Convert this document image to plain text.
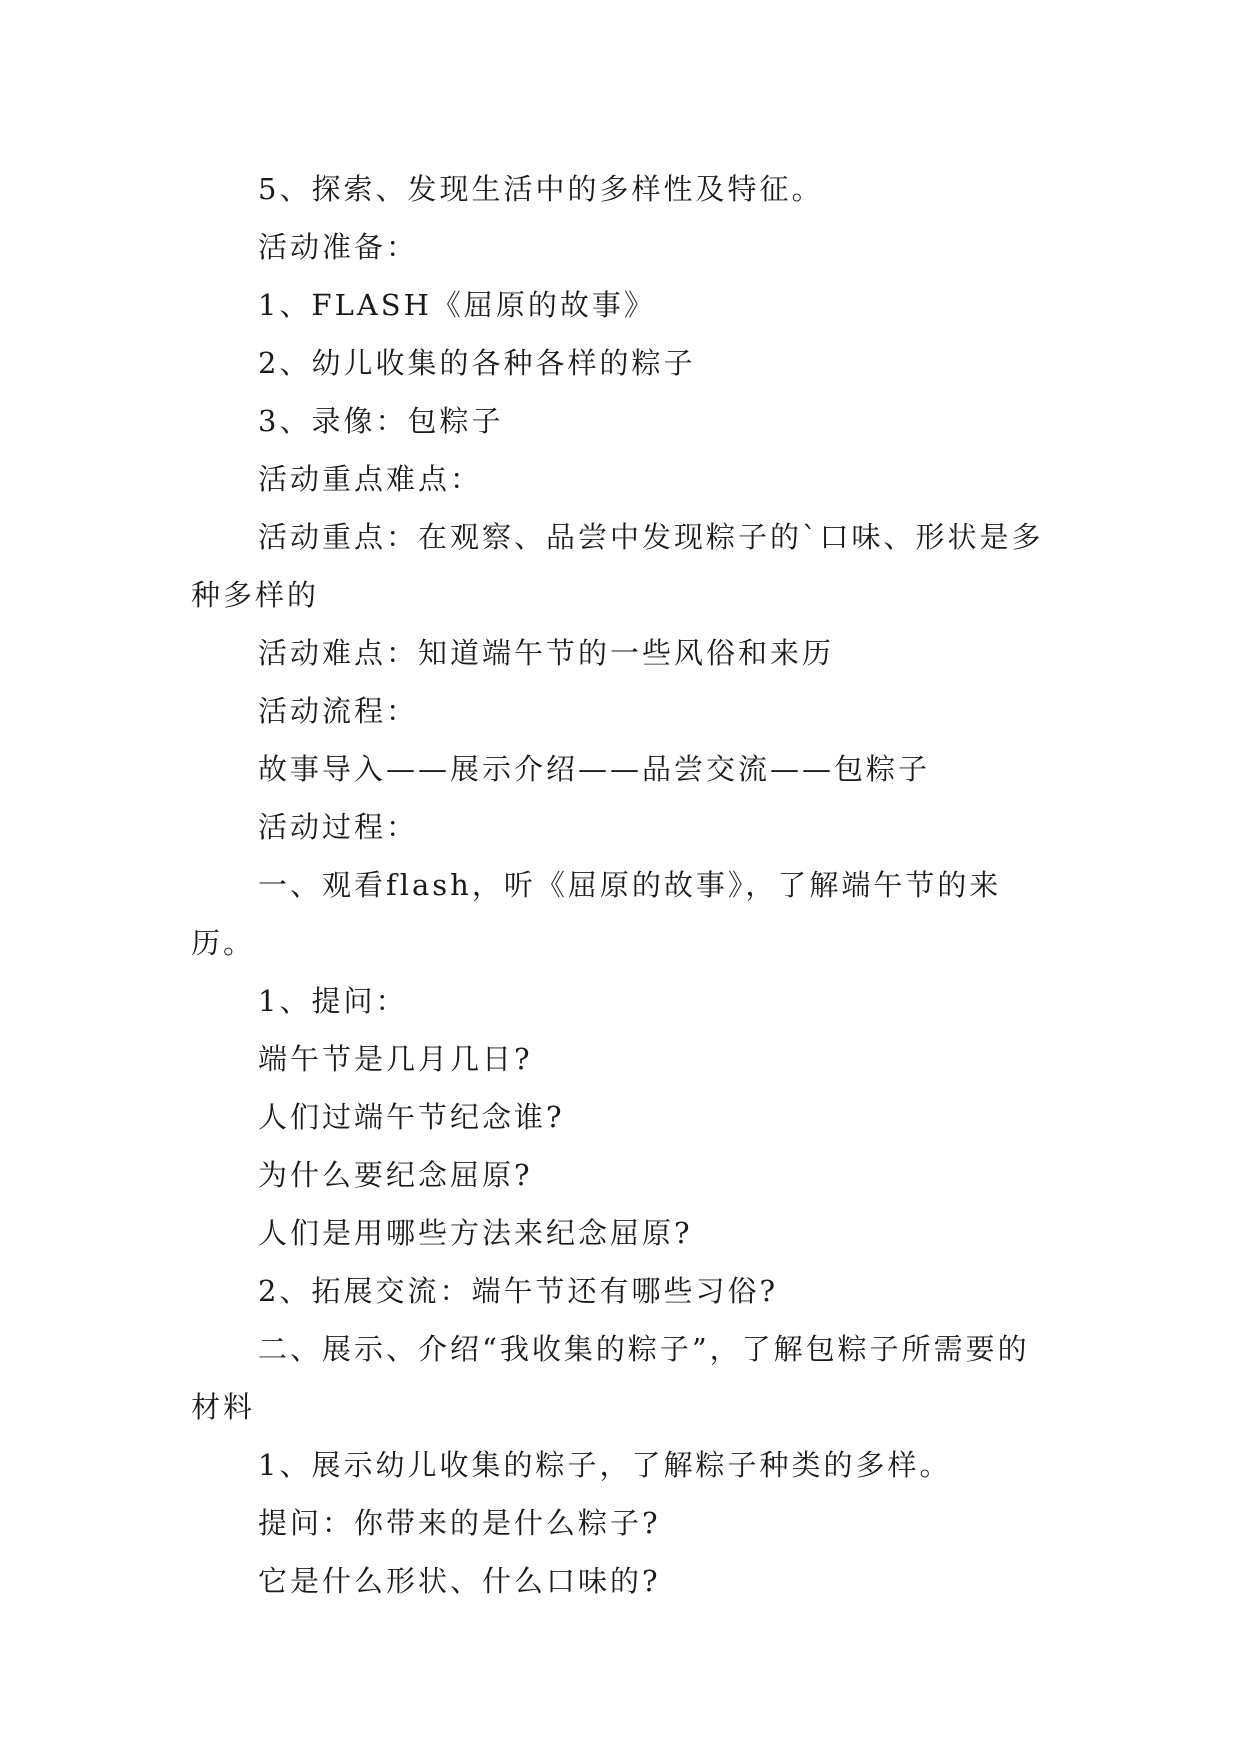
5、探索、发现生活中的多样性及特征。

活动准备：

1、FLASH《屈原的故事》

2、幼儿收集的各种各样的粽子

3、录像：包粽子

活动重点难点：

活动重点：在观察、品尝中发现粽子的`口味、形状是多种多样的

活动难点：知道端午节的一些风俗和来历

活动流程：

故事导入——展示介绍——品尝交流——包粽子

活动过程：

一、观看flash，听《屈原的故事》，了解端午节的来历。

1、提问：

端午节是几月几日?

人们过端午节纪念谁?

为什么要纪念屈原?

人们是用哪些方法来纪念屈原?

2、拓展交流：端午节还有哪些习俗?

二、展示、介绍“我收集的粽子”，了解包粽子所需要的材料

1、展示幼儿收集的粽子，了解粽子种类的多样。

提问：你带来的是什么粽子?

它是什么形状、什么口味的?
